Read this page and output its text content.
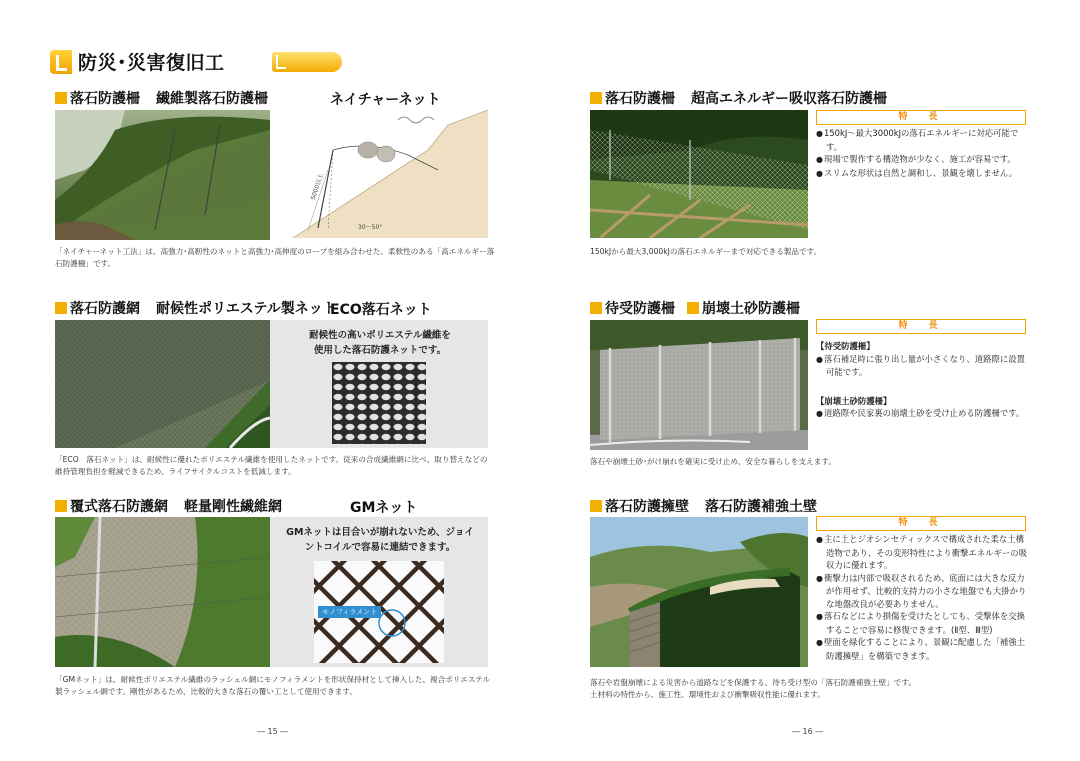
防災･災害復旧工
落石防護柵 繊維製落石防護柵	ネイチャーネット
5000以上
30～50°
「ネイチャーネット工法」は、高強力･高靭性のネットと高強力･高伸度のロープを組み合わせた、柔軟性のある「高エネルギー落石防護柵」です。
落石防護網 耐候性ポリエステル製ネット
ECO落石ネット
耐候性の高いポリエステル繊維を使用した落石防護ネットです。
「ECO　落石ネット」は、耐候性に優れたポリエステル繊維を使用したネットです。従来の合成繊維網に比べ、取り替えなどの維持管理負担を軽減できるため、ライフサイクルコストを低減します。
覆式落石防護網 軽量剛性繊維網	GMネット
GMネットは目合いが崩れないため、ジョイントコイルで容易に連結できます。
モノフィラメント
「GMネット」は、耐候性ポリエステル繊維のラッシェル網にモノフィラメントを形状保持材として挿入した、複合ポリエステル製ラッシェル網です。剛性があるため、比較的大きな落石の覆い工として使用できます。
― 15 ―
落石防護柵 超高エネルギー吸収落石防護柵
特　長
● 150kJ～最大3000kJの落石エネルギーに対応可能です。
● 現場で製作する構造物が少なく、施工が容易です。
● スリムな形状は自然と調和し、景観を壊しません。
150kJから最大3,000kJの落石エネルギーまで対応できる製品です。
待受防護柵 崩壊土砂防護柵
特　長
【待受防護柵】
● 落石補足時に張り出し量が小さくなり、道路際に設置可能です。
【崩壊土砂防護柵】
● 道路際や民家裏の崩壊土砂を受け止める防護柵です。
落石や崩壊土砂･がけ崩れを確実に受け止め、安全な暮らしを支えます。
落石防護擁壁 落石防護補強土壁
特　長
● 主に土とジオシンセティックスで構成された柔な土構造物であり、その変形特性により衝撃エネルギーの吸収力に優れます。
● 衝撃力は内部で吸収されるため、底面には大きな反力が作用せず、比較的支持力の小さな地盤でも大掛かりな地盤改良が必要ありません。
● 落石などにより損傷を受けたとしても、受撃体を交換することで容易に修復できます。(Ⅱ型、Ⅲ型)
● 壁面を緑化することにより、景観に配慮した「補強土防護擁壁」を構築できます。
落石や岩盤崩壊による災害から道路などを保護する、待ち受け型の「落石防護補強土壁」です。
土材料の特性から、施工性、環境性および衝撃吸収性能に優れます。
― 16 ―
